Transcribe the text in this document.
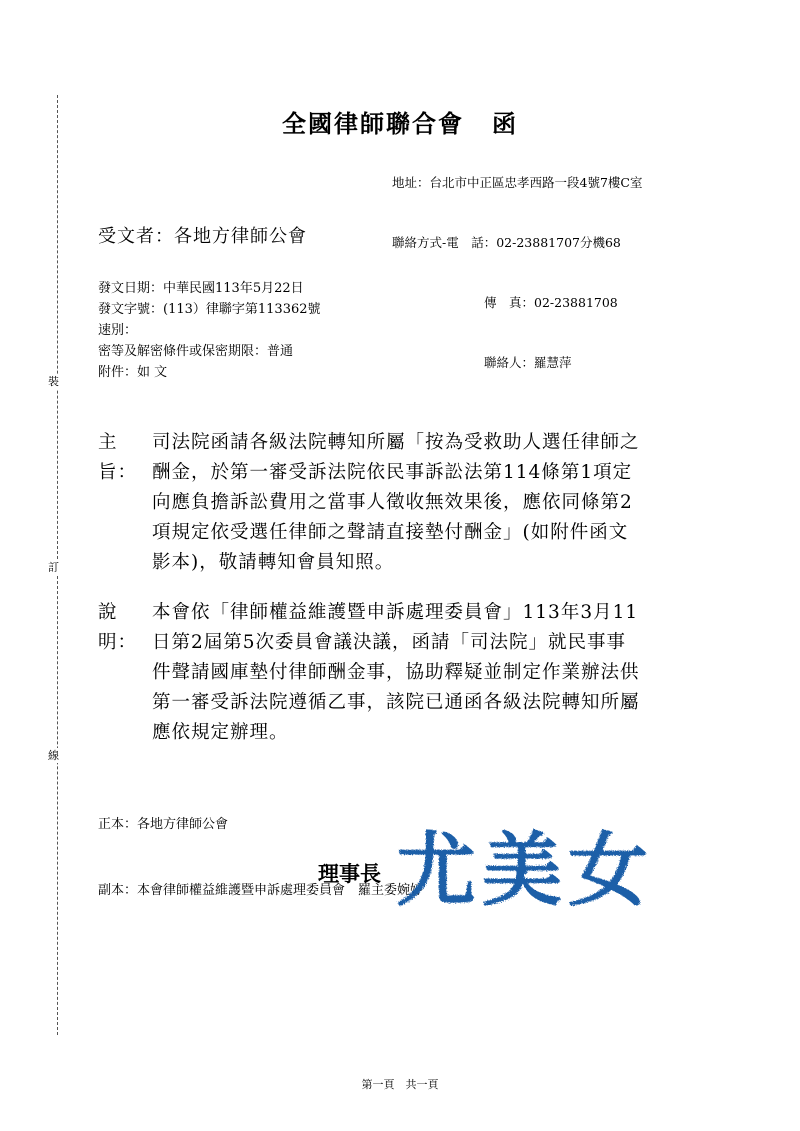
裝
訂
線
全國律師聯合會 函

地址：台北市中正區忠孝西路一段4號7樓C室

聯絡方式-電　話：02-23881707分機68

傳　真：02-23881708

聯絡人：羅慧萍

受文者：各地方律師公會
發文日期：中華民國113年5月22日
發文字號：(113）律聯字第113362號
速別：
密等及解密條件或保密期限：普通
附件：如 文
主旨：
司法院函請各級法院轉知所屬「按為受救助人選任律師之
酬金，於第一審受訴法院依民事訴訟法第114條第1項定
向應負擔訴訟費用之當事人徵收無效果後，應依同條第2
項規定依受選任律師之聲請直接墊付酬金」(如附件函文
影本)，敬請轉知會員知照。
說明：
本會依「律師權益維護暨申訴處理委員會」113年3月11
日第2屆第5次委員會議決議，函請「司法院」就民事事
件聲請國庫墊付律師酬金事，協助釋疑並制定作業辦法供
第一審受訴法院遵循乙事，該院已通函各級法院轉知所屬
應依規定辦理。

正本：各地方律師公會

副本：本會律師權益維護暨申訴處理委員會　羅主委婉婷

理事長 尤美女
第一頁　共一頁
